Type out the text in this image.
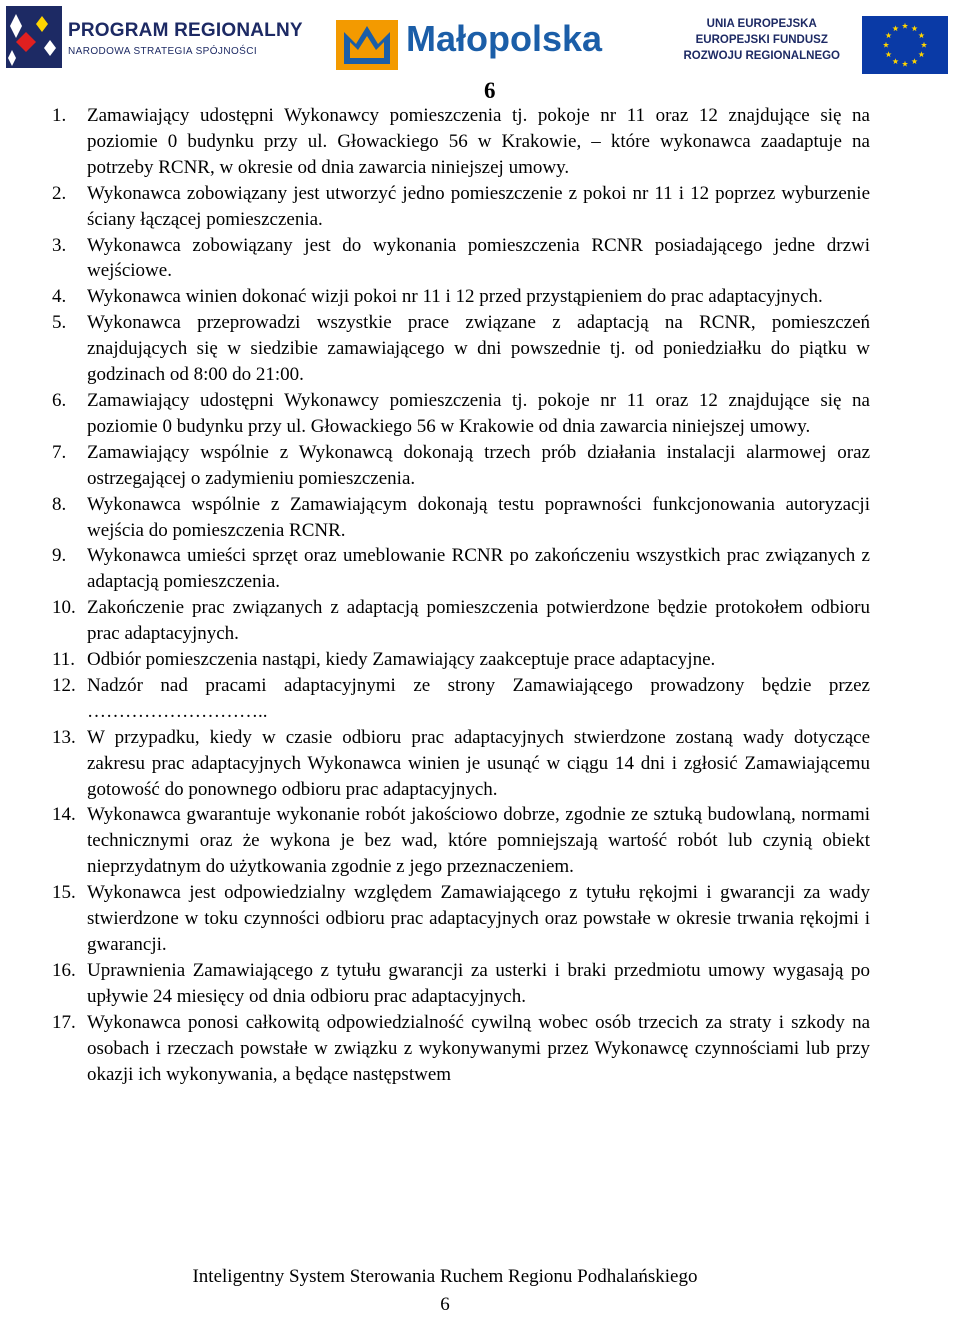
PROGRAM REGIONALNY
NARODOWA STRATEGIA SPÓJNOŚCI	Małopolska	UNIA EUROPEJSKA
EUROPEJSKI FUNDUSZ
ROZWOJU REGIONALNEGO
6
1.	Zamawiający udostępni Wykonawcy pomieszczenia tj. pokoje nr 11 oraz 12 znajdujące się na poziomie 0 budynku przy ul. Głowackiego 56 w Krakowie, – które wykonawca zaadaptuje na potrzeby RCNR, w okresie od dnia zawarcia niniejszej umowy.
2.	Wykonawca zobowiązany jest utworzyć jedno pomieszczenie z pokoi nr 11 i 12 poprzez wyburzenie ściany łączącej pomieszczenia.
3.	Wykonawca zobowiązany jest do wykonania pomieszczenia RCNR posiadającego jedne drzwi wejściowe.
4.	Wykonawca winien dokonać wizji pokoi nr 11 i 12 przed przystąpieniem do prac adaptacyjnych.
5.	Wykonawca przeprowadzi wszystkie prace związane z adaptacją na RCNR, pomieszczeń znajdujących się w siedzibie zamawiającego w dni powszednie tj. od poniedziałku do piątku w godzinach od 8:00 do 21:00.
6.	Zamawiający udostępni Wykonawcy pomieszczenia tj. pokoje nr 11 oraz 12 znajdujące się na poziomie 0 budynku przy ul. Głowackiego 56 w Krakowie od dnia zawarcia niniejszej umowy.
7.	Zamawiający wspólnie z Wykonawcą dokonają trzech prób działania instalacji alarmowej oraz ostrzegającej o zadymieniu pomieszczenia.
8.	Wykonawca wspólnie z Zamawiającym dokonają testu poprawności funkcjonowania autoryzacji wejścia do pomieszczenia RCNR.
9.	Wykonawca umieści sprzęt oraz umeblowanie RCNR po zakończeniu wszystkich prac związanych z adaptacją pomieszczenia.
10. Zakończenie prac związanych z adaptacją pomieszczenia potwierdzone będzie protokołem odbioru prac adaptacyjnych.
11. Odbiór pomieszczenia nastąpi, kiedy Zamawiający zaakceptuje prace adaptacyjne.
12. Nadzór nad pracami adaptacyjnymi ze strony Zamawiającego prowadzony będzie przez ………………………..
13. W przypadku, kiedy w czasie odbioru prac adaptacyjnych stwierdzone zostaną wady dotyczące zakresu prac adaptacyjnych Wykonawca winien je usunąć w ciągu 14 dni i zgłosić Zamawiającemu gotowość do ponownego odbioru prac adaptacyjnych.
14. Wykonawca gwarantuje wykonanie robót jakościowo dobrze, zgodnie ze sztuką budowlaną, normami technicznymi oraz że wykona je bez wad, które pomniejszają wartość robót lub czynią obiekt nieprzydatnym do użytkowania zgodnie z jego przeznaczeniem.
15. Wykonawca jest odpowiedzialny względem Zamawiającego z tytułu rękojmi i gwarancji za wady stwierdzone w toku czynności odbioru prac adaptacyjnych oraz powstałe w okresie trwania rękojmi i gwarancji.
16. Uprawnienia Zamawiającego z tytułu gwarancji za usterki i braki przedmiotu umowy wygasają po upływie 24 miesięcy od dnia odbioru prac adaptacyjnych.
17. Wykonawca ponosi całkowitą odpowiedzialność cywilną wobec osób trzecich za straty i szkody na osobach i rzeczach powstałe w związku z wykonywanymi przez Wykonawcę czynnościami lub przy okazji ich wykonywania, a będące następstwem
Inteligentny System Sterowania Ruchem Regionu Podhalańskiego
6
